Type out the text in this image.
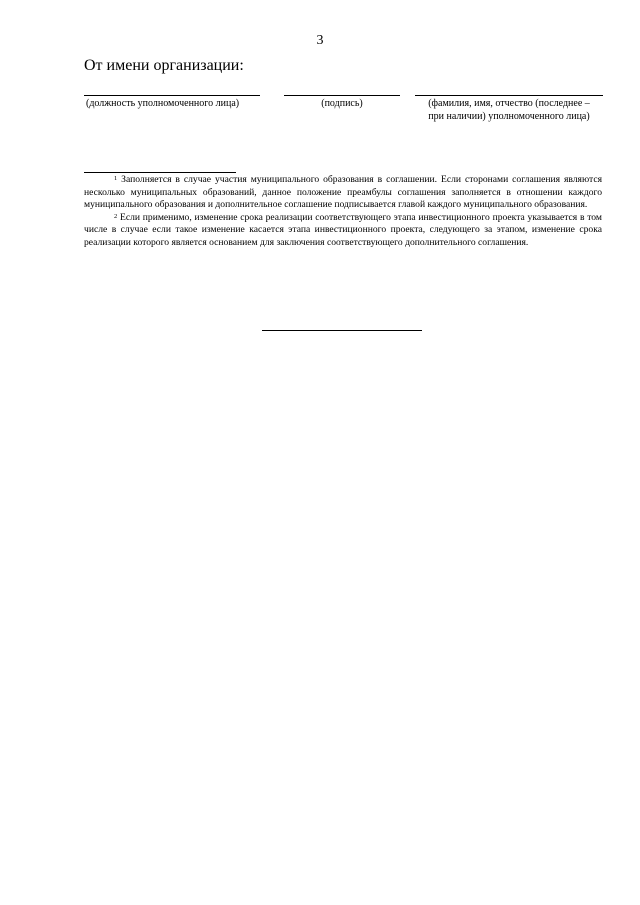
3
От имени организации:
(должность уполномоченного лица)	(подпись)	(фамилия, имя, отчество (последнее –
при наличии) уполномоченного лица)

$^1$ Заполняется в случае участия муниципального образования в соглашении. Если сторонами соглашения являются несколько муниципальных образований, данное положение преамбулы соглашения заполняется в отношении каждого муниципального образования и дополнительное соглашение подписывается главой каждого муниципального образования.

$^2$ Если применимо, изменение срока реализации соответствующего этапа инвестиционного проекта указывается в том числе в случае если такое изменение касается этапа инвестиционного проекта, следующего за этапом, изменение срока реализации которого является основанием для заключения соответствующего дополнительного соглашения.
